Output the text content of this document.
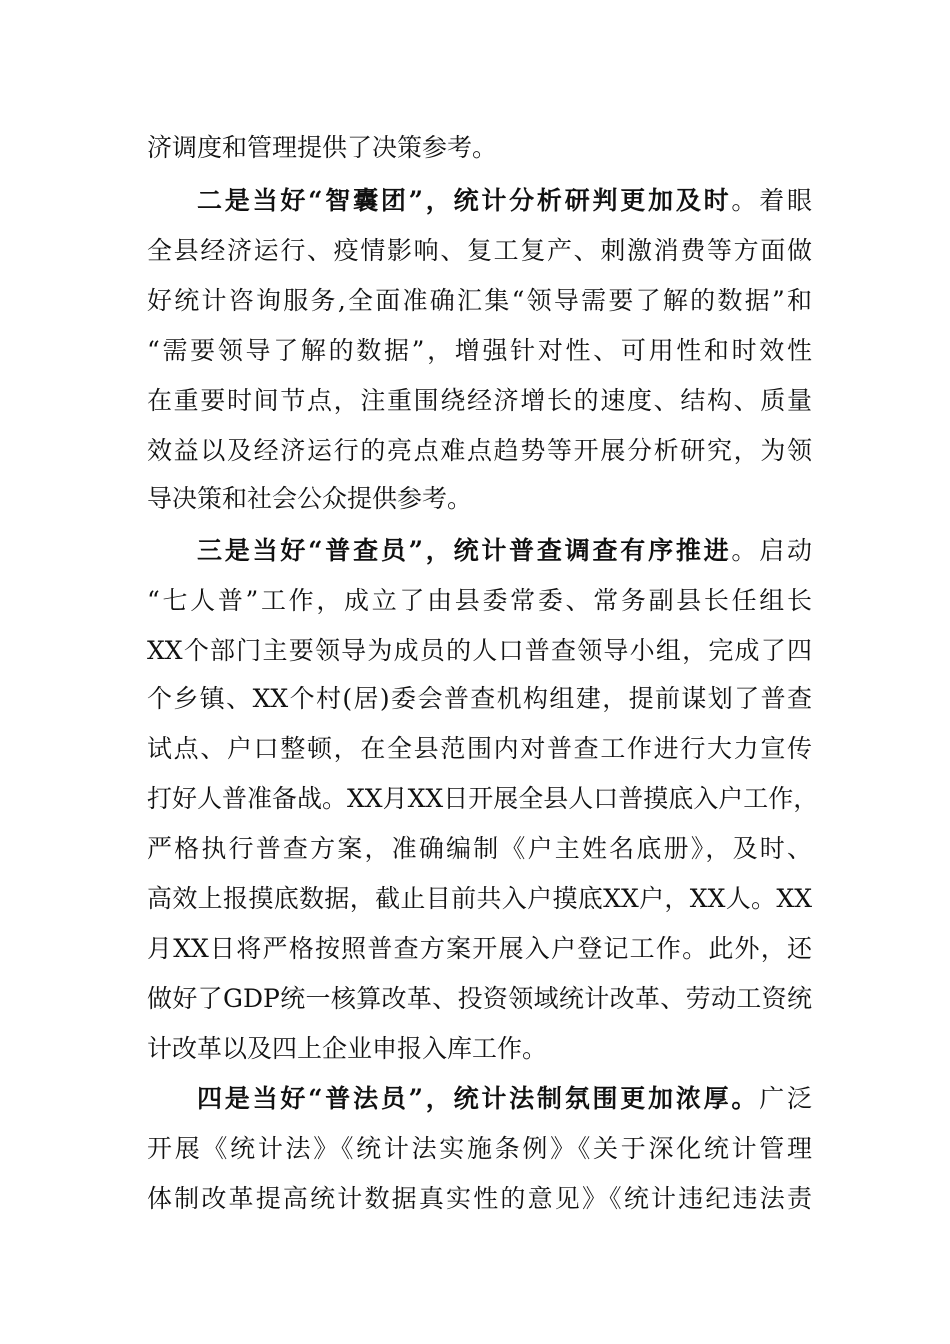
济调度和管理提供了决策参考。
二是当好“智囊团”，统计分析研判更加及时。着眼
全县经济运行、疫情影响、复工复产、刺激消费等方面做
好统计咨询服务,全面准确汇集“领导需要了解的数据”和
“需要领导了解的数据”，增强针对性、可用性和时效性
在重要时间节点，注重围绕经济增长的速度、结构、质量
效益以及经济运行的亮点难点趋势等开展分析研究，为领
导决策和社会公众提供参考。
三是当好“普查员”，统计普查调查有序推进。启动
“七人普”工作，成立了由县委常委、常务副县长任组长
XX个部门主要领导为成员的人口普查领导小组，完成了四
个乡镇、XX个村(居)委会普查机构组建，提前谋划了普查
试点、户口整顿，在全县范围内对普查工作进行大力宣传
打好人普准备战。XX月XX日开展全县人口普摸底入户工作，
严格执行普查方案，准确编制《户主姓名底册》，及时、
高效上报摸底数据，截止目前共入户摸底XX户，XX人。XX
月XX日将严格按照普查方案开展入户登记工作。此外，还
做好了GDP统一核算改革、投资领域统计改革、劳动工资统
计改革以及四上企业申报入库工作。
四是当好“普法员”，统计法制氛围更加浓厚。广泛
开展《统计法》《统计法实施条例》《关于深化统计管理
体制改革提高统计数据真实性的意见》《统计违纪违法责
